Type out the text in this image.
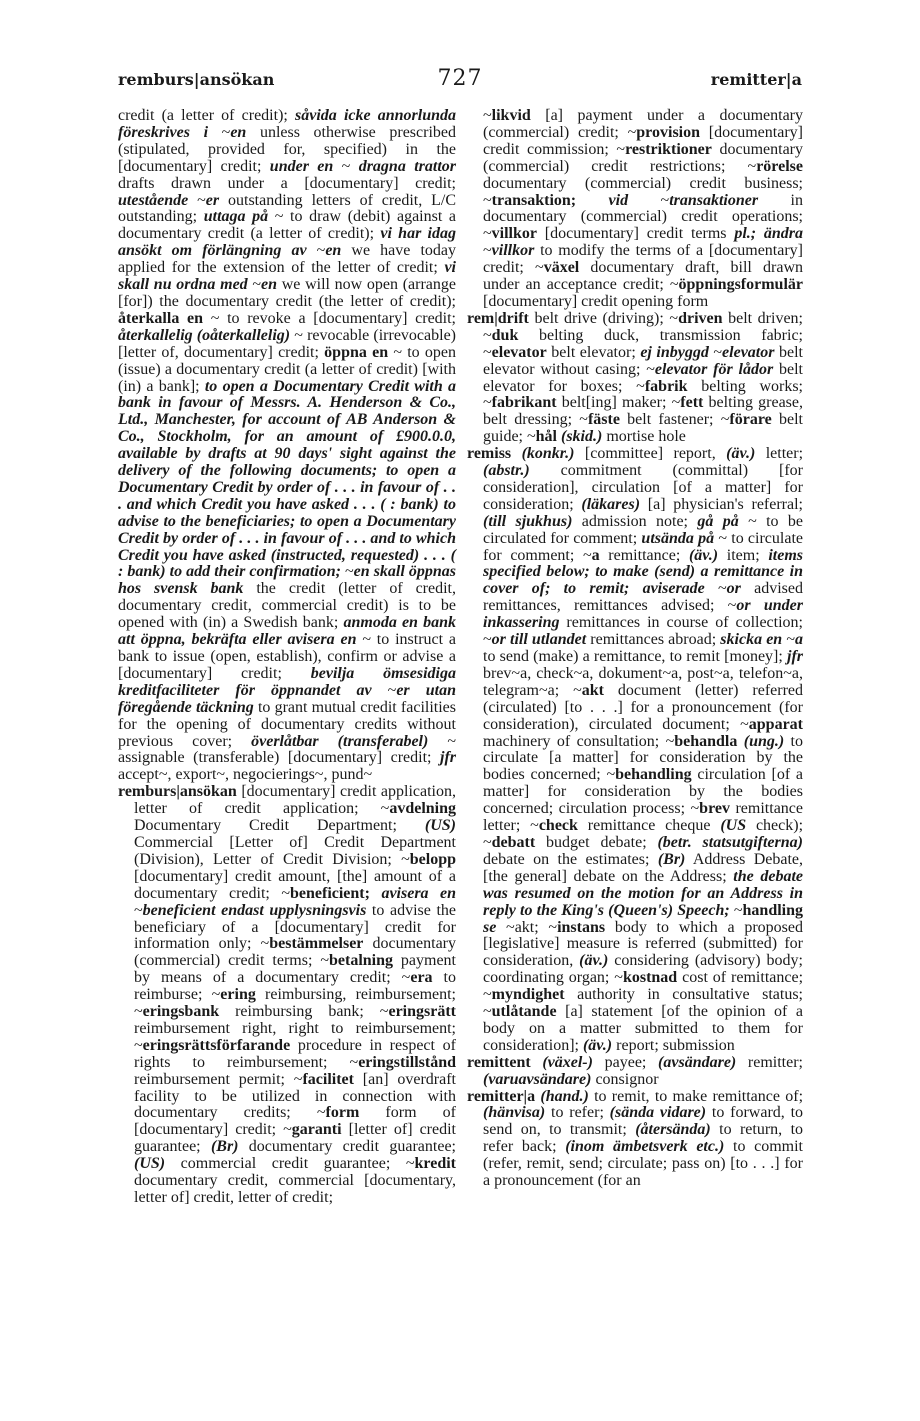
remburs|ansökan	727	remitter|a

credit (a letter of credit); såvida icke annorlunda föreskrives i ~en unless otherwise prescribed (stipulated, provided for, specified) in the [documentary] credit; under en ~ dragna trattor drafts drawn under a [documentary] credit; utestående ~er outstanding letters of credit, L/C outstanding; uttaga på ~ to draw (debit) against a documentary credit (a letter of credit); vi har idag ansökt om förlängning av ~en we have today applied for the extension of the letter of credit; vi skall nu ordna med ~en we will now open (arrange [for]) the documentary credit (the letter of credit); återkalla en ~ to revoke a [documentary] credit; återkallelig (oåterkallelig) ~ revocable (irrevocable) [letter of, documentary] credit; öppna en ~ to open (issue) a documentary credit (a letter of credit) [with (in) a bank]; to open a Documentary Credit with a bank in favour of Messrs. A. Henderson & Co., Ltd., Manchester, for account of AB Anderson & Co., Stockholm, for an amount of £900.0.0, available by drafts at 90 days' sight against the delivery of the following documents; to open a Documentary Credit by order of . . . in favour of . . . and which Credit you have asked . . . ( : bank) to advise to the beneficiaries; to open a Documentary Credit by order of . . . in favour of . . . and to which Credit you have asked (instructed, requested) . . . ( : bank) to add their confirmation; ~en skall öppnas hos svensk bank the credit (letter of credit, documentary credit, commercial credit) is to be opened with (in) a Swedish bank; anmoda en bank att öppna, bekräfta eller avisera en ~ to instruct a bank to issue (open, establish), confirm or advise a [documentary] credit; bevilja ömsesidiga kreditfaciliteter för öppnandet av ~er utan föregående täckning to grant mutual credit facilities for the opening of documentary credits without previous cover; överlåtbar (transferabel) ~ assignable (transferable) [documentary] credit; jfr accept~, export~, negocierings~, pund~

remburs|ansökan [documentary] credit application, letter of credit application; ~avdelning Documentary Credit Department; (US) Commercial [Letter of] Credit Department (Division), Letter of Credit Division; ~belopp [documentary] credit amount, [the] amount of a documentary credit; ~beneficient; avisera en ~beneficient endast upplysningsvis to advise the beneficiary of a [documentary] credit for information only; ~bestämmelser documentary (commercial) credit terms; ~betalning payment by means of a documentary credit; ~era to reimburse; ~ering reimbursing, reimbursement; ~eringsbank reimbursing bank; ~eringsrätt reimbursement right, right to reimbursement; ~eringsrättsförfarande procedure in respect of rights to reimbursement; ~eringstillstånd reimbursement permit; ~facilitet [an] overdraft facility to be utilized in connection with documentary credits; ~form form of [documentary] credit; ~garanti [letter of] credit guarantee; (Br) documentary credit guarantee; (US) commercial credit guarantee; ~kredit documentary credit, commercial [documentary, letter of] credit, letter of credit;

~likvid [a] payment under a documentary (commercial) credit; ~provision [documentary] credit commission; ~restriktioner documentary (commercial) credit restrictions; ~rörelse documentary (commercial) credit business; ~transaktion; vid ~transaktioner in documentary (commercial) credit operations; ~villkor [documentary] credit terms pl.; ändra ~villkor to modify the terms of a [documentary] credit; ~växel documentary draft, bill drawn under an acceptance credit; ~öppningsformulär [documentary] credit opening form

rem|drift belt drive (driving); ~driven belt driven; ~duk belting duck, transmission fabric; ~elevator belt elevator; ej inbyggd ~elevator belt elevator without casing; ~elevator för lådor belt elevator for boxes; ~fabrik belting works; ~fabrikant belt[ing] maker; ~fett belting grease, belt dressing; ~fäste belt fastener; ~förare belt guide; ~hål (skid.) mortise hole

remiss (konkr.) [committee] report, (äv.) letter; (abstr.) commitment (committal) [for consideration], circulation [of a matter] for consideration; (läkares) [a] physician's referral; (till sjukhus) admission note; gå på ~ to be circulated for comment; utsända på ~ to circulate for comment; ~a remittance; (äv.) item; items specified below; to make (send) a remittance in cover of; to remit; aviserade ~or advised remittances, remittances advised; ~or under inkassering remittances in course of collection; ~or till utlandet remittances abroad; skicka en ~a to send (make) a remittance, to remit [money]; jfr brev~a, check~a, dokument~a, post~a, telefon~a, telegram~a; ~akt document (letter) referred (circulated) [to . . .] for a pronouncement (for consideration), circulated document; ~apparat machinery of consultation; ~behandla (ung.) to circulate [a matter] for consideration by the bodies concerned; ~behandling circulation [of a matter] for consideration by the bodies concerned; circulation process; ~brev remittance letter; ~check remittance cheque (US check); ~debatt budget debate; (betr. statsutgifterna) debate on the estimates; (Br) Address Debate, [the general] debate on the Address; the debate was resumed on the motion for an Address in reply to the King's (Queen's) Speech; ~handling se ~akt; ~instans body to which a proposed [legislative] measure is referred (submitted) for consideration, (äv.) considering (advisory) body; coordinating organ; ~kostnad cost of remittance; ~myndighet authority in consultative status; ~utlåtande [a] statement [of the opinion of a body on a matter submitted to them for consideration]; (äv.) report; submission

remittent (växel-) payee; (avsändare) remitter; (varuavsändare) consignor

remitter|a (hand.) to remit, to make remittance of; (hänvisa) to refer; (sända vidare) to forward, to send on, to transmit; (återsända) to return, to refer back; (inom ämbetsverk etc.) to commit (refer, remit, send; circulate; pass on) [to . . .] for a pronouncement (for an
